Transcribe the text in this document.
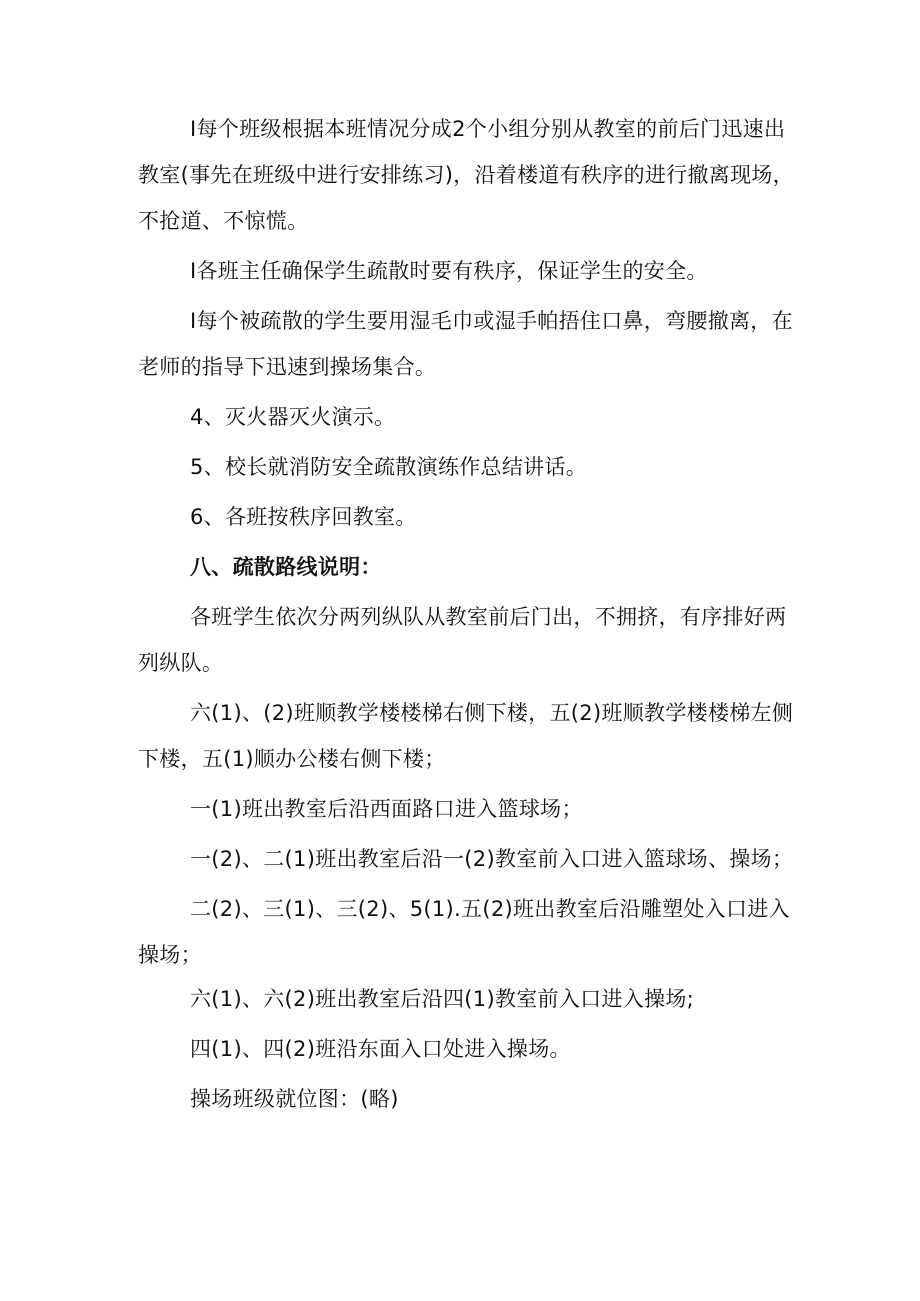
Ⅰ每个班级根据本班情况分成2个小组分别从教室的前后门迅速出教室(事先在班级中进行安排练习)，沿着楼道有秩序的进行撤离现场，不抢道、不惊慌。

Ⅰ各班主任确保学生疏散时要有秩序，保证学生的安全。

Ⅰ每个被疏散的学生要用湿毛巾或湿手帕捂住口鼻，弯腰撤离，在老师的指导下迅速到操场集合。

4、灭火器灭火演示。

5、校长就消防安全疏散演练作总结讲话。

6、各班按秩序回教室。

八、疏散路线说明：

各班学生依次分两列纵队从教室前后门出，不拥挤，有序排好两列纵队。

六(1)、(2)班顺教学楼楼梯右侧下楼，五(2)班顺教学楼楼梯左侧下楼，五(1)顺办公楼右侧下楼；

一(1)班出教室后沿西面路口进入篮球场；

一(2)、二(1)班出教室后沿一(2)教室前入口进入篮球场、操场；

二(2)、三(1)、三(2)、5(1).五(2)班出教室后沿雕塑处入口进入操场；

六(1)、六(2)班出教室后沿四(1)教室前入口进入操场;

四(1)、四(2)班沿东面入口处进入操场。

操场班级就位图：(略)
